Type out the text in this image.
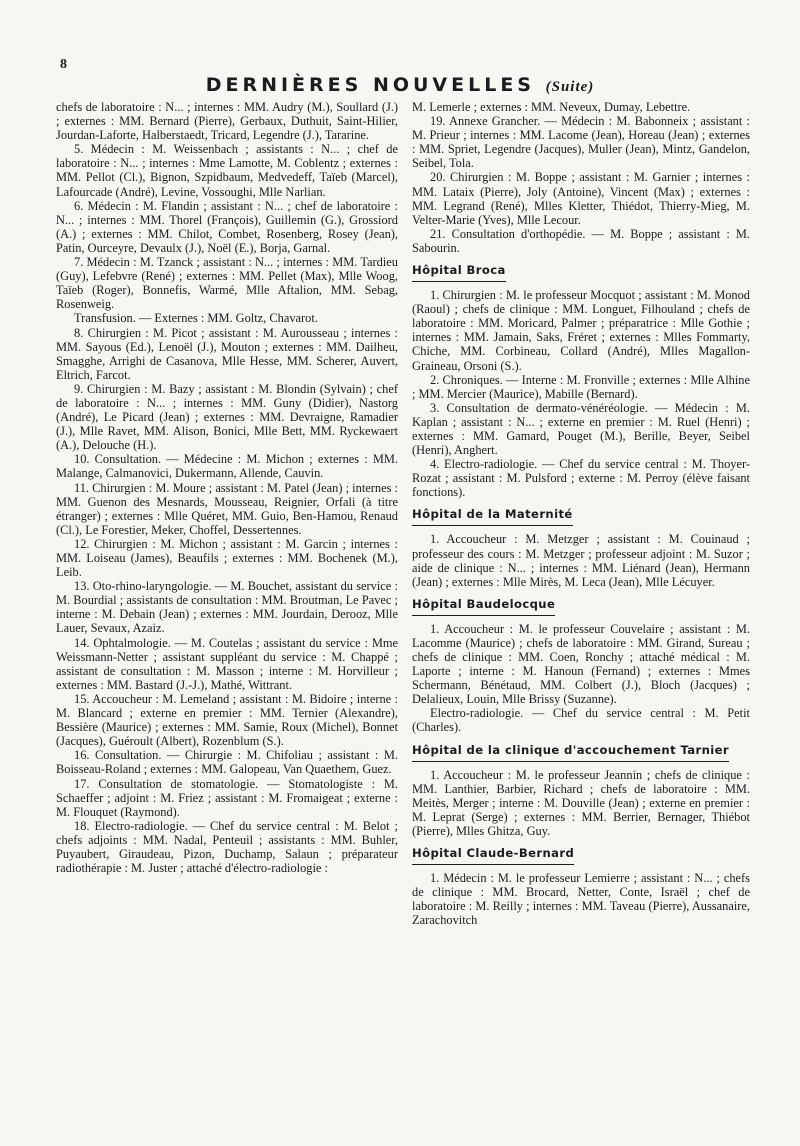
8
DERNIÈRES NOUVELLES (Suite)

chefs de laboratoire : N... ; internes : MM. Audry (M.), Soullard (J.) ; externes : MM. Bernard (Pierre), Gerbaux, Duthuit, Saint-Hilier, Jourdan-Laforte, Halberstaedt, Tricard, Legendre (J.), Tararine.

5. Médecin : M. Weissenbach ; assistants : N... ; chef de laboratoire : N... ; internes : Mme Lamotte, M. Coblentz ; externes : MM. Pellot (Cl.), Bignon, Szpidbaum, Medvedeff, Taïeb (Marcel), Lafourcade (André), Levine, Vossoughi, Mlle Narlian.

6. Médecin : M. Flandin ; assistant : N... ; chef de laboratoire : N... ; internes : MM. Thorel (François), Guillemin (G.), Grossiord (A.) ; externes : MM. Chilot, Combet, Rosenberg, Rosey (Jean), Patin, Ourceyre, Devaulx (J.), Noël (E.), Borja, Garnal.

7. Médecin : M. Tzanck ; assistant : N... ; internes : MM. Tardieu (Guy), Lefebvre (René) ; externes : MM. Pellet (Max), Mlle Woog, Taïeb (Roger), Bonnefis, Warmé, Mlle Aftalion, MM. Sebag, Rosenweig.

Transfusion. — Externes : MM. Goltz, Chavarot.

8. Chirurgien : M. Picot ; assistant : M. Aurousseau ; internes : MM. Sayous (Ed.), Lenoël (J.), Mouton ; externes : MM. Dailheu, Smagghe, Arrighi de Casanova, Mlle Hesse, MM. Scherer, Auvert, Eltrich, Farcot.

9. Chirurgien : M. Bazy ; assistant : M. Blondin (Sylvain) ; chef de laboratoire : N... ; internes : MM. Guny (Didier), Nastorg (André), Le Picard (Jean) ; externes : MM. Devraigne, Ramadier (J.), Mlle Ravet, MM. Alison, Bonici, Mlle Bett, MM. Ryckewaert (A.), Delouche (H.).

10. Consultation. — Médecine : M. Michon ; externes : MM. Malange, Calmanovici, Dukermann, Allende, Cauvin.

11. Chirurgien : M. Moure ; assistant : M. Patel (Jean) ; internes : MM. Guenon des Mesnards, Mousseau, Reignier, Orfali (à titre étranger) ; externes : Mlle Quéret, MM. Guio, Ben-Hamou, Renaud (Cl.), Le Forestier, Meker, Choffel, Dessertennes.

12. Chirurgien : M. Michon ; assistant : M. Garcin ; internes : MM. Loiseau (James), Beaufils ; externes : MM. Bochenek (M.), Leib.

13. Oto-rhino-laryngologie. — M. Bouchet, assistant du service : M. Bourdial ; assistants de consultation : MM. Broutman, Le Pavec ; interne : M. Debain (Jean) ; externes : MM. Jourdain, Derooz, Mlle Lauer, Sevaux, Azaiz.

14. Ophtalmologie. — M. Coutelas ; assistant du service : Mme Weissmann-Netter ; assistant suppléant du service : M. Chappé ; assistant de consultation : M. Masson ; interne : M. Horvilleur ; externes : MM. Bastard (J.-J.), Mathé, Wittrant.

15. Accoucheur : M. Lemeland ; assistant : M. Bidoire ; interne : M. Blancard ; externe en premier : MM. Ternier (Alexandre), Bessière (Maurice) ; externes : MM. Samie, Roux (Michel), Bonnet (Jacques), Guéroult (Albert), Rozenblum (S.).

16. Consultation. — Chirurgie : M. Chifoliau ; assistant : M. Boisseau-Roland ; externes : MM. Galopeau, Van Quaethem, Guez.

17. Consultation de stomatologie. — Stomatologiste : M. Schaeffer ; adjoint : M. Friez ; assistant : M. Fromaigeat ; externe : M. Flouquet (Raymond).

18. Electro-radiologie. — Chef du service central : M. Belot ; chefs adjoints : MM. Nadal, Penteuil ; assistants : MM. Buhler, Puyaubert, Giraudeau, Pizon, Duchamp, Salaun ; préparateur radiothérapie : M. Juster ; attaché d'électro-radiologie :

M. Lemerle ; externes : MM. Neveux, Dumay, Lebettre.

19. Annexe Grancher. — Médecin : M. Babonneix ; assistant : M. Prieur ; internes : MM. Lacome (Jean), Horeau (Jean) ; externes : MM. Spriet, Legendre (Jacques), Muller (Jean), Mintz, Gandelon, Seibel, Tola.

20. Chirurgien : M. Boppe ; assistant : M. Garnier ; internes : MM. Lataix (Pierre), Joly (Antoine), Vincent (Max) ; externes : MM. Legrand (René), Mlles Kletter, Thiédot, Thierry-Mieg, M. Velter-Marie (Yves), Mlle Lecour.

21. Consultation d'orthopédie. — M. Boppe ; assistant : M. Sabourin.

Hôpital Broca

1. Chirurgien : M. le professeur Mocquot ; assistant : M. Monod (Raoul) ; chefs de clinique : MM. Longuet, Filhouland ; chefs de laboratoire : MM. Moricard, Palmer ; préparatrice : Mlle Gothie ; internes : MM. Jamain, Saks, Fréret ; externes : Mlles Fommarty, Chiche, MM. Corbineau, Collard (André), Mlles Magallon-Graineau, Orsoni (S.).

2. Chroniques. — Interne : M. Fronville ; externes : Mlle Alhine ; MM. Mercier (Maurice), Mabille (Bernard).

3. Consultation de dermato-vénéréologie. — Médecin : M. Kaplan ; assistant : N... ; externe en premier : M. Ruel (Henri) ; externes : MM. Gamard, Pouget (M.), Berille, Beyer, Seibel (Henri), Anghert.

4. Electro-radiologie. — Chef du service central : M. Thoyer-Rozat ; assistant : M. Pulsford ; externe : M. Perroy (élève faisant fonctions).

Hôpital de la Maternité

1. Accoucheur : M. Metzger ; assistant : M. Couinaud ; professeur des cours : M. Metzger ; professeur adjoint : M. Suzor ; aide de clinique : N... ; internes : MM. Liénard (Jean), Hermann (Jean) ; externes : Mlle Mirès, M. Leca (Jean), Mlle Lécuyer.

Hôpital Baudelocque

1. Accoucheur : M. le professeur Couvelaire ; assistant : M. Lacomme (Maurice) ; chefs de laboratoire : MM. Girand, Sureau ; chefs de clinique : MM. Coen, Ronchy ; attaché médical : M. Laporte ; interne : M. Hanoun (Fernand) ; externes : Mmes Schermann, Bénétaud, MM. Colbert (J.), Bloch (Jacques) ; Delalieux, Louin, Mlle Brissy (Suzanne).

Electro-radiologie. — Chef du service central : M. Petit (Charles).

Hôpital de la clinique d'accouchement Tarnier

1. Accoucheur : M. le professeur Jeannin ; chefs de clinique : MM. Lanthier, Barbier, Richard ; chefs de laboratoire : MM. Meitès, Merger ; interne : M. Douville (Jean) ; externe en premier : M. Leprat (Serge) ; externes : MM. Berrier, Bernager, Thiébot (Pierre), Mlles Ghitza, Guy.

Hôpital Claude-Bernard

1. Médecin : M. le professeur Lemierre ; assistant : N... ; chefs de clinique : MM. Brocard, Netter, Conte, Israël ; chef de laboratoire : M. Reilly ; internes : MM. Taveau (Pierre), Aussanaire, Zarachovitch
